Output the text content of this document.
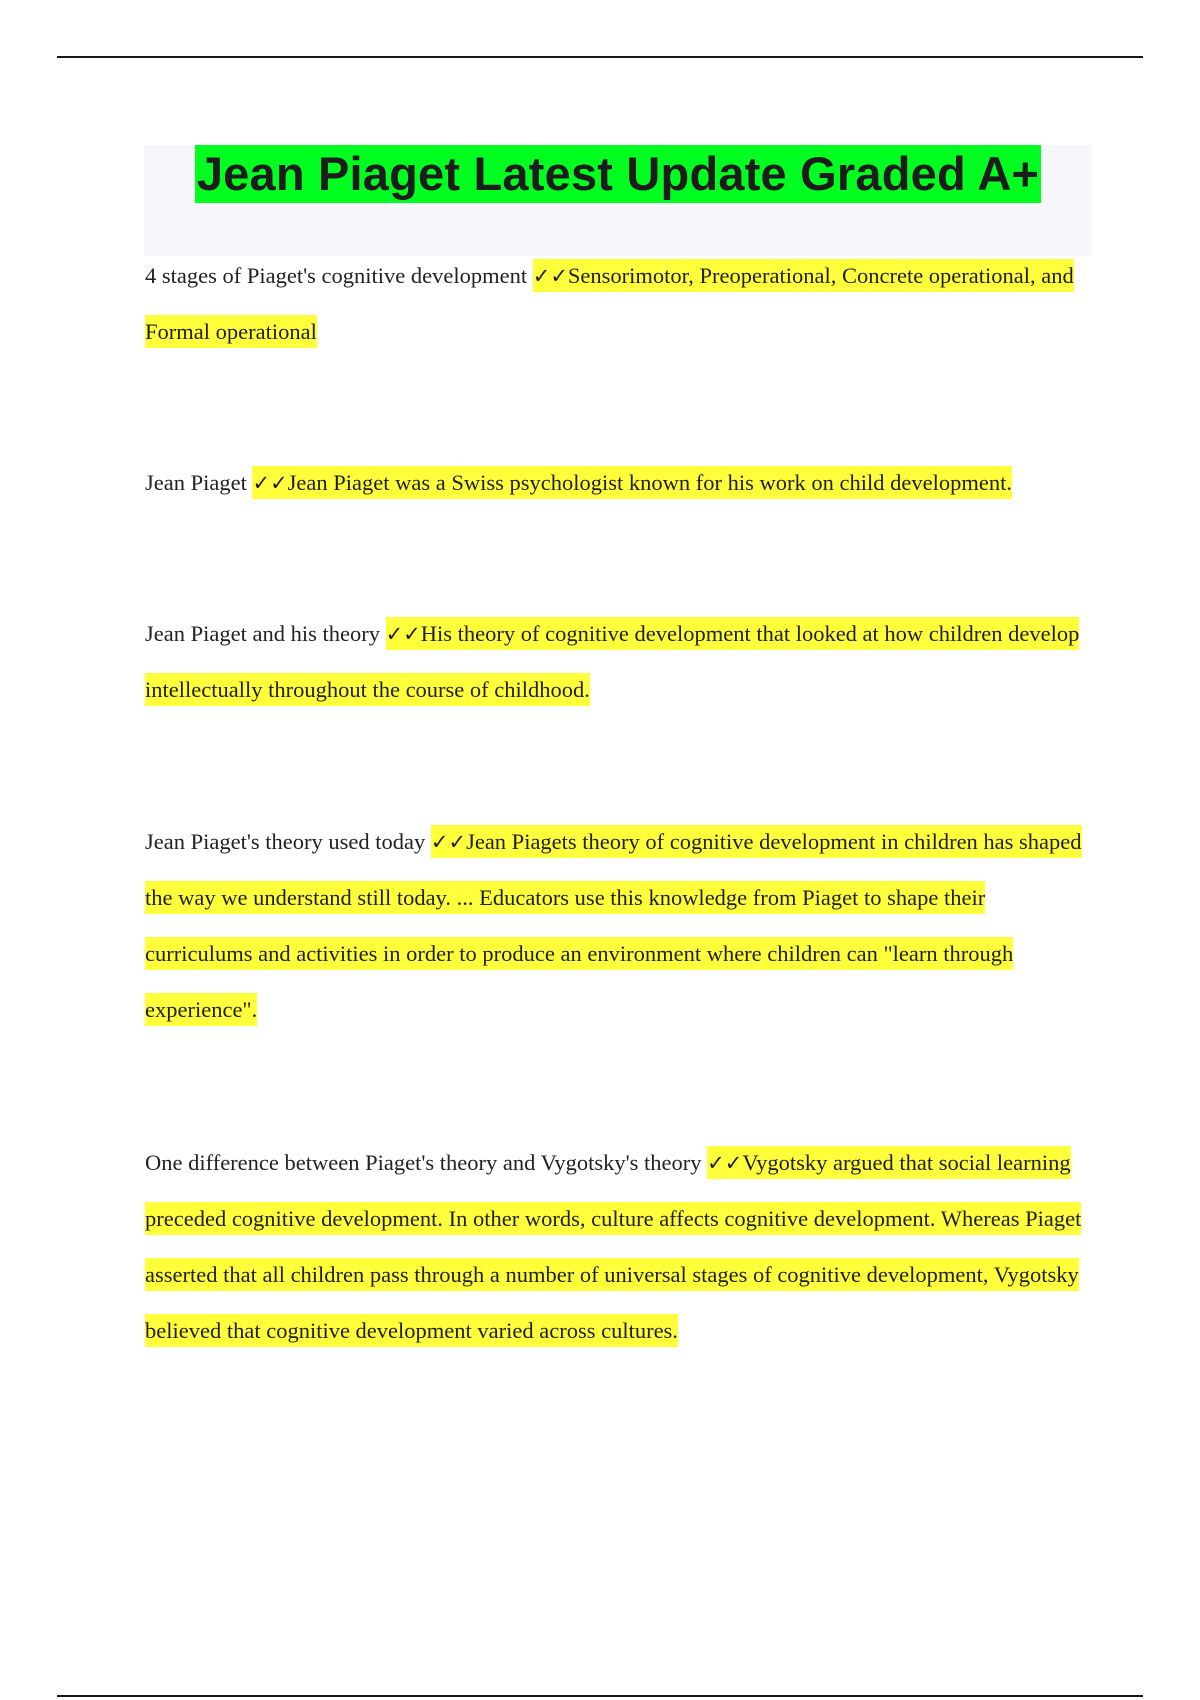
Jean Piaget Latest Update Graded A+
4 stages of Piaget's cognitive development ✓✓Sensorimotor, Preoperational, Concrete operational, and Formal operational
Jean Piaget ✓✓Jean Piaget was a Swiss psychologist known for his work on child development.
Jean Piaget and his theory ✓✓His theory of cognitive development that looked at how children develop intellectually throughout the course of childhood.
Jean Piaget's theory used today ✓✓Jean Piagets theory of cognitive development in children has shaped the way we understand still today. ... Educators use this knowledge from Piaget to shape their curriculums and activities in order to produce an environment where children can "learn through experience".
One difference between Piaget's theory and Vygotsky's theory ✓✓Vygotsky argued that social learning preceded cognitive development. In other words, culture affects cognitive development. Whereas Piaget asserted that all children pass through a number of universal stages of cognitive development, Vygotsky believed that cognitive development varied across cultures.
